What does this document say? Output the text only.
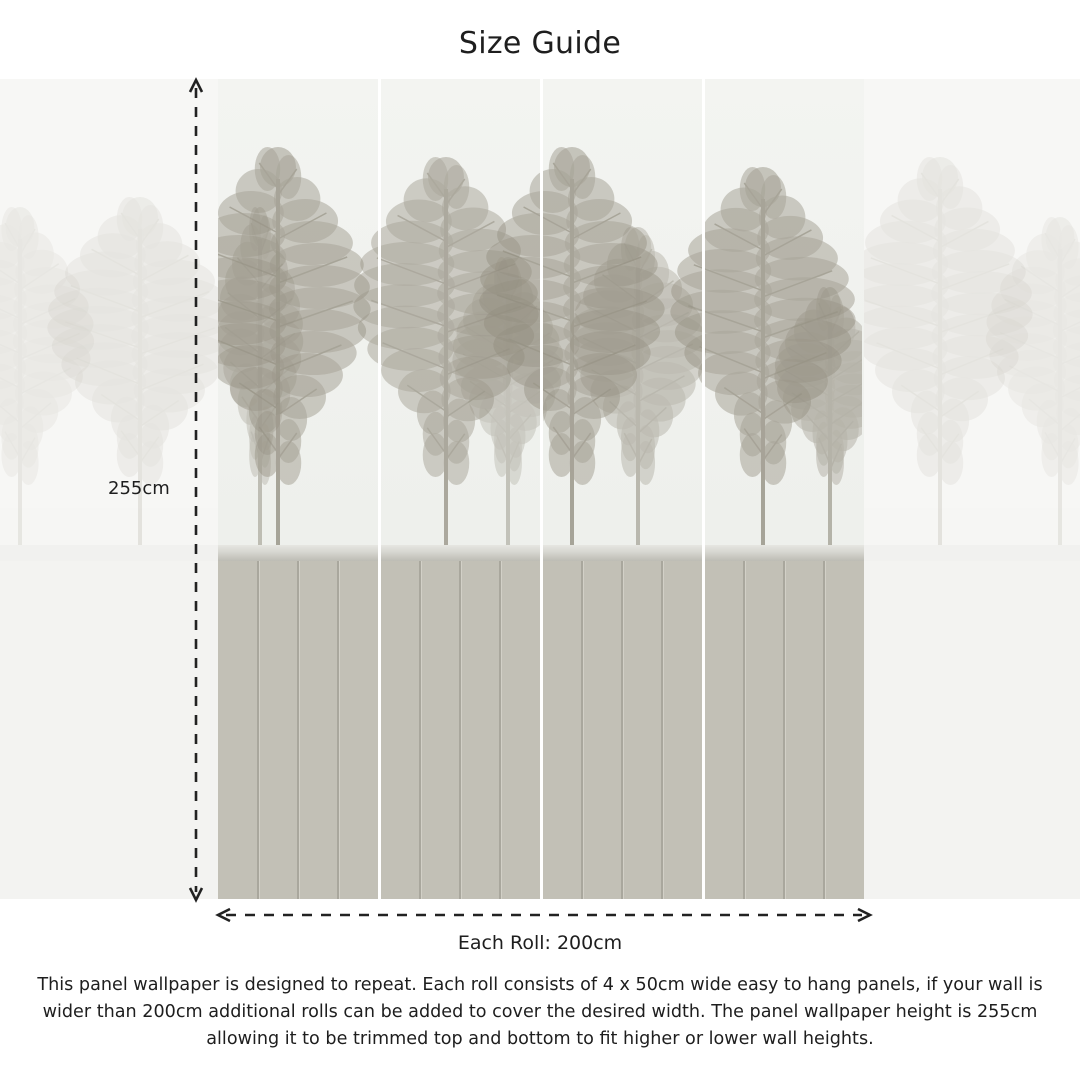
Size Guide
255cm
Each Roll: 200cm
This panel wallpaper is designed to repeat. Each roll consists of 4 x 50cm wide easy to hang panels, if your wall is wider than 200cm additional rolls can be added to cover the desired width. The panel wallpaper height is 255cm allowing it to be trimmed top and bottom to fit higher or lower wall heights.
